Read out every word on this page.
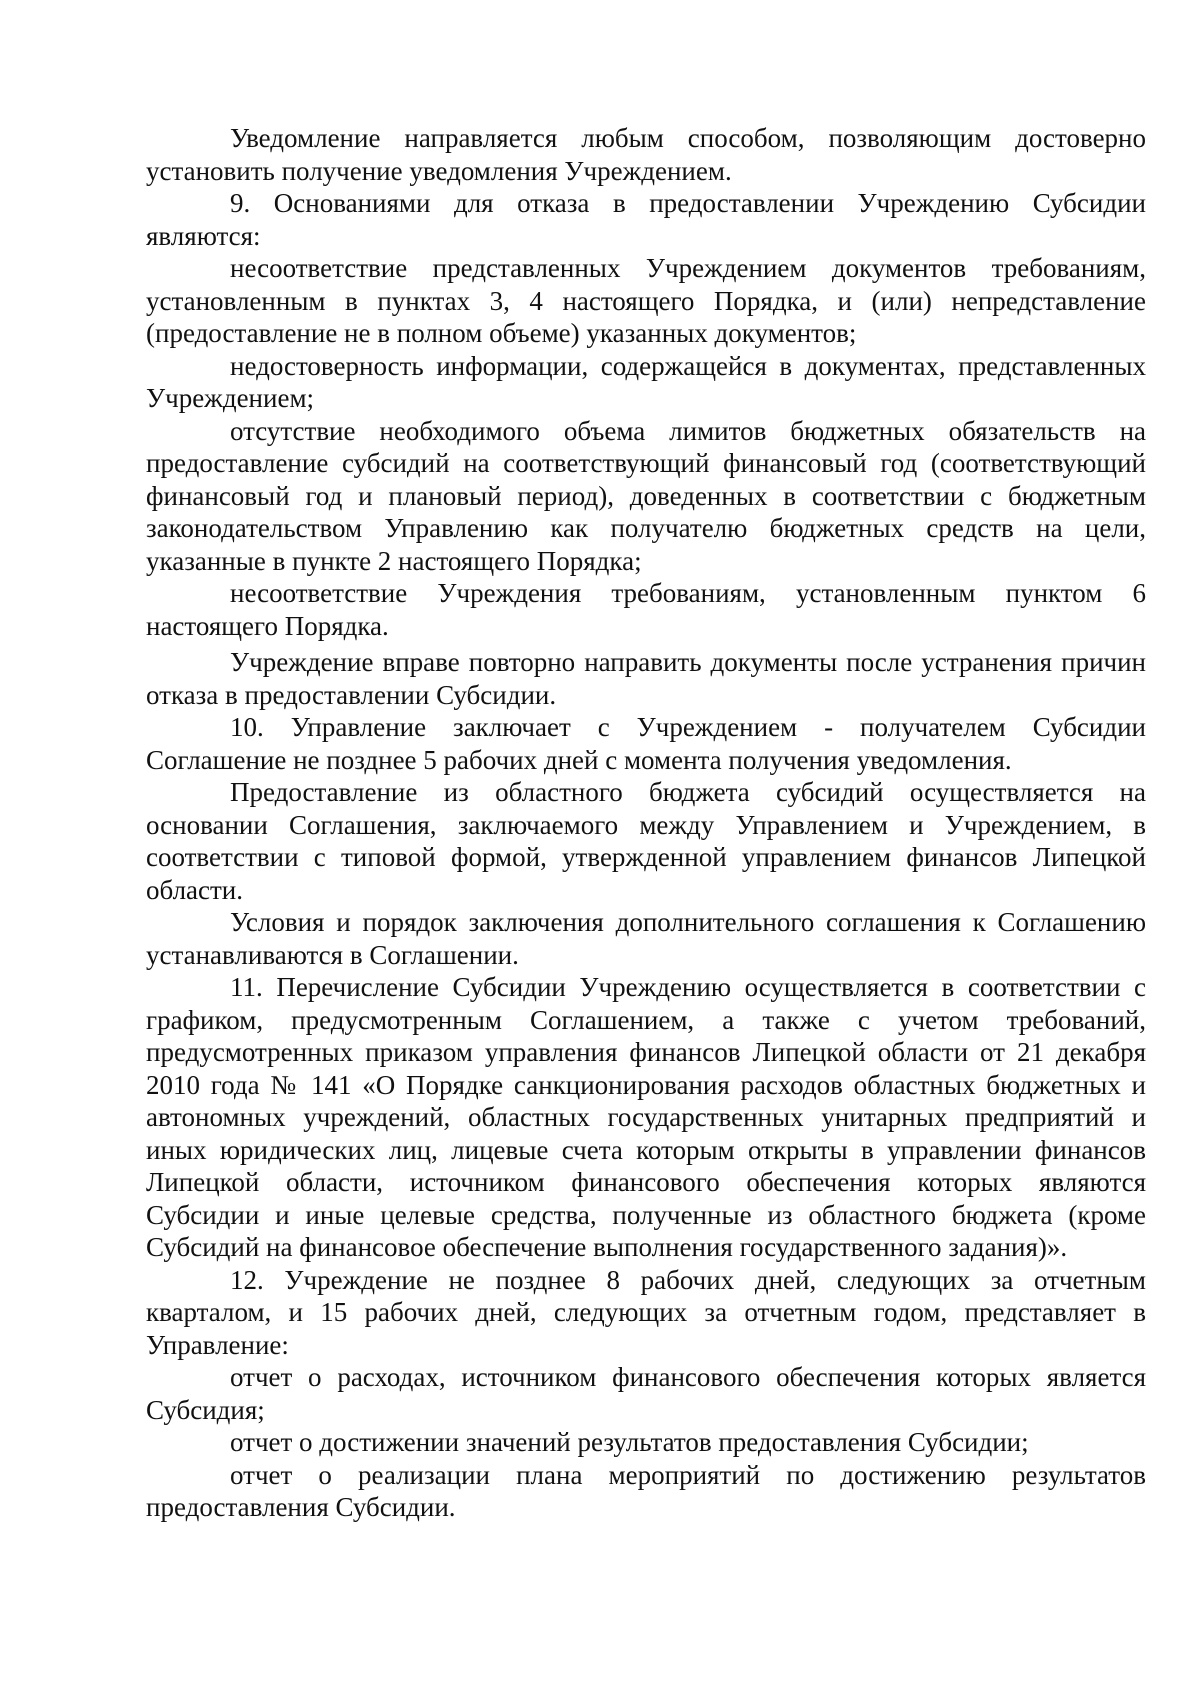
Уведомление направляется любым способом, позволяющим достоверно установить получение уведомления Учреждением.

9. Основаниями для отказа в предоставлении Учреждению Субсидии являются:

несоответствие представленных Учреждением документов требованиям, установленным в пунктах 3, 4 настоящего Порядка, и (или) непредставление (предоставление не в полном объеме) указанных документов;

недостоверность информации, содержащейся в документах, представленных Учреждением;

отсутствие необходимого объема лимитов бюджетных обязательств на предоставление субсидий на соответствующий финансовый год (соответствующий финансовый год и плановый период), доведенных в соответствии с бюджетным законодательством Управлению как получателю бюджетных средств на цели, указанные в пункте 2 настоящего Порядка;

несоответствие Учреждения требованиям, установленным пунктом 6 настоящего Порядка.

Учреждение вправе повторно направить документы после устранения причин отказа в предоставлении Субсидии.

10. Управление заключает с Учреждением - получателем Субсидии Соглашение не позднее 5 рабочих дней с момента получения уведомления.

Предоставление из областного бюджета субсидий осуществляется на основании Соглашения, заключаемого между Управлением и Учреждением, в соответствии с типовой формой, утвержденной управлением финансов Липецкой области.

Условия и порядок заключения дополнительного соглашения к Соглашению устанавливаются в Соглашении.

11. Перечисление Субсидии Учреждению осуществляется в соответствии с графиком, предусмотренным Соглашением, а также с учетом требований, предусмотренных приказом управления финансов Липецкой области от 21 декабря 2010 года № 141 «О Порядке санкционирования расходов областных бюджетных и автономных учреждений, областных государственных унитарных предприятий и иных юридических лиц, лицевые счета которым открыты в управлении финансов Липецкой области, источником финансового обеспечения которых являются Субсидии и иные целевые средства, полученные из областного бюджета (кроме Субсидий на финансовое обеспечение выполнения государственного задания)».

12. Учреждение не позднее 8 рабочих дней, следующих за отчетным кварталом, и 15 рабочих дней, следующих за отчетным годом, представляет в Управление:

отчет о расходах, источником финансового обеспечения которых является Субсидия;

отчет о достижении значений результатов предоставления Субсидии;

отчет о реализации плана мероприятий по достижению результатов предоставления Субсидии.
